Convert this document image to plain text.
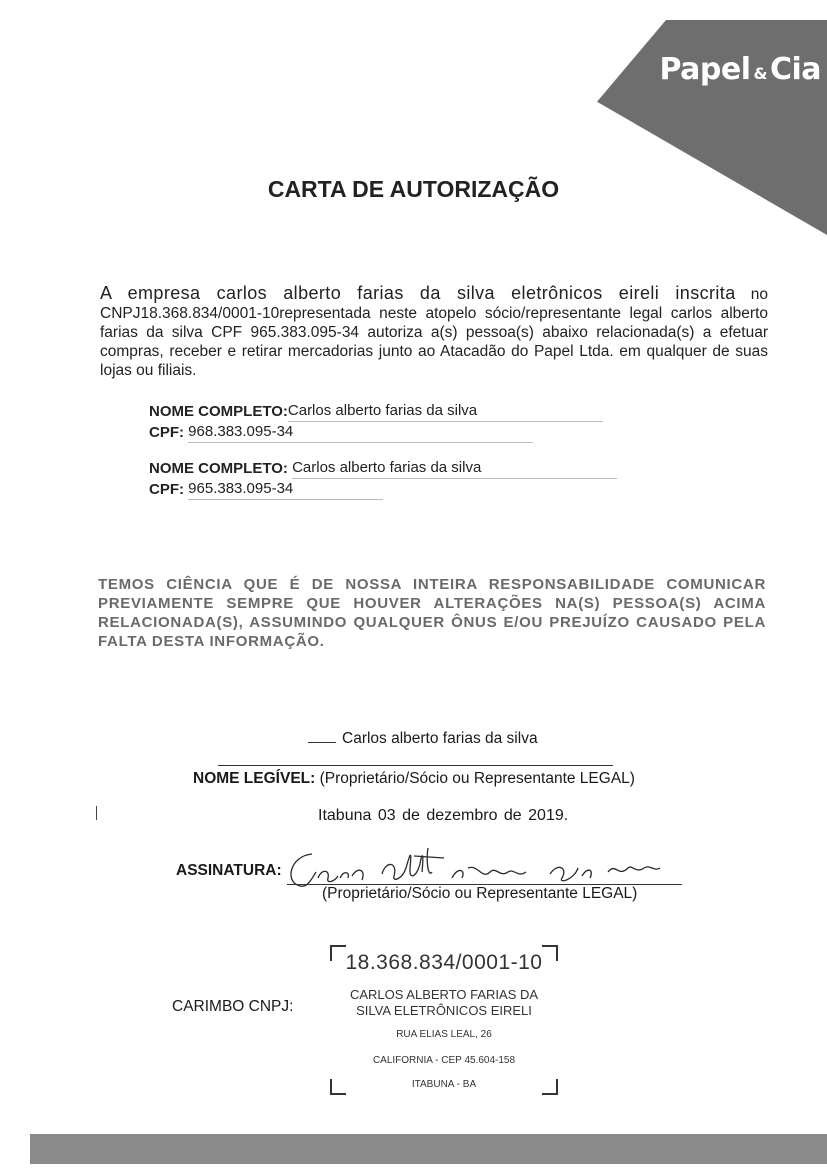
Papel & Cia
CARTA DE AUTORIZAÇÃO
A empresa carlos alberto farias da silva eletrônicos eireli inscrita no CNPJ18.368.834/0001-10representada neste atopelo sócio/representante legal carlos alberto farias da silva CPF 965.383.095-34 autoriza a(s) pessoa(s) abaixo relacionada(s) a efetuar compras, receber e retirar mercadorias junto ao Atacadão do Papel Ltda. em qualquer de suas lojas ou filiais.
NOME COMPLETO:Carlos alberto farias da silva
CPF: 968.383.095-34
NOME COMPLETO: Carlos alberto farias da silva
CPF: 965.383.095-34
TEMOS CIÊNCIA QUE É DE NOSSA INTEIRA RESPONSABILIDADE COMUNICAR PREVIAMENTE SEMPRE QUE HOUVER ALTERAÇÕES NA(S) PESSOA(S) ACIMA RELACIONADA(S), ASSUMINDO QUALQUER ÔNUS E/OU PREJUÍZO CAUSADO PELA FALTA DESTA INFORMAÇÃO.
Carlos alberto farias da silva
NOME LEGÍVEL: (Proprietário/Sócio ou Representante LEGAL)
Itabuna 03 de dezembro de 2019.
ASSINATURA:
(Proprietário/Sócio ou Representante LEGAL)
CARIMBO CNPJ:
18.368.834/0001-10
CARLOS ALBERTO FARIAS DA
SILVA ELETRÔNICOS EIRELI
RUA ELIAS LEAL, 26
CALIFORNIA - CEP 45.604-158
ITABUNA - BA
